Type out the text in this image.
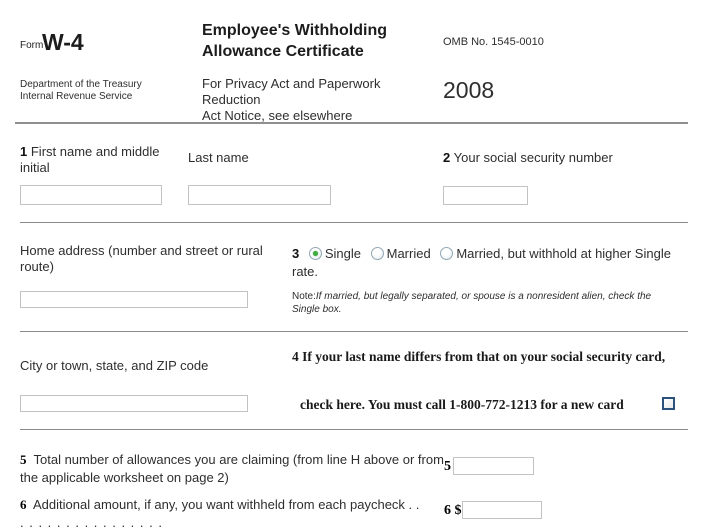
Form
W-4
Department of the Treasury
Internal Revenue Service
Employee's Withholding
Allowance Certificate
For Privacy Act and Paperwork Reduction
Act Notice, see elsewhere
OMB No. 1545-0010
2008
1 First name and middle initial
Last name	2 Your social security number
Home address (number and street or rural route)
3 Single Married Married, but withhold at higher Single rate.
Note:If married, but legally separated, or spouse is a nonresident alien, check the Single box.
City or town, state, and ZIP code
4 If your last name differs from that on your social security card,
check here. You must call 1-800-772-1213 for a new card
5 Total number of allowances you are claiming (from line H above or from the applicable worksheet on page 2)
5
6 Additional amount, if any, you want withheld from each paycheck . .
. . . . . . . . . . . . . . . .
6 $
